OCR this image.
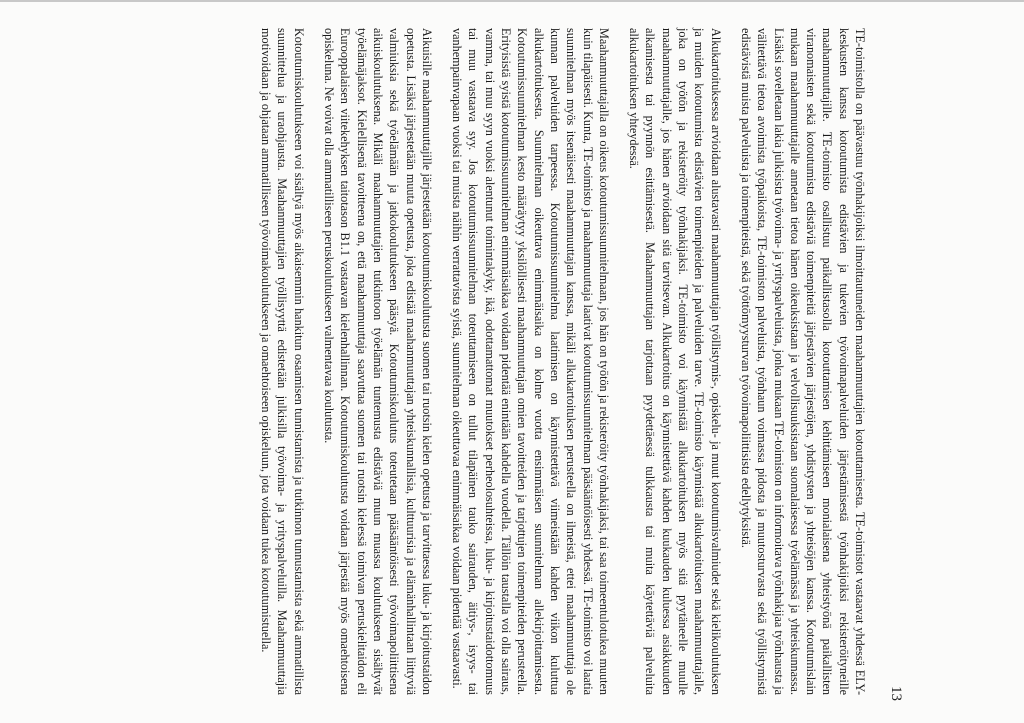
13

TE-toimistolla on päävastuu työnhakijoiksi ilmoittautuneiden maahanmuuttajien kotouttamisesta. TE-toimistot vastaavat yhdessä ELY-keskusten kanssa kotoutumista edistävien ja tukevien työvoimapalveluiden järjestämisestä työnhakijoiksi rekisteröityneille maahanmuuttajille. TE-toimisto osallistuu paikallistasolla kotouttamisen kehittämiseen monialaisena yhteistyönä paikallisten viranomaisten sekä kotoutumista edistäviä toimenpiteitä järjestävien järjestöjen, yhdistysten ja yhteisöjen kanssa. Kotoutumislain mukaan maahanmuuttajalle annetaan tietoa hänen oikeuksistaan ja velvollisuuksistaan suomalaisessa työelämässä ja yhteiskunnassa. Lisäksi sovelletaan lakia julkisista työvoima- ja yrityspalveluista, jonka mukaan TE-toimiston on informoitava työnhakijaa työnhausta ja välitettävä tietoa avoimista työpaikoista, TE-toimiston palveluista, työnhaun voimassa pidosta ja muutosturvasta sekä työllistymistä edistävistä muista palveluista ja toimenpiteistä, sekä työttömyysturvan työvoimapoliittisista edellytyksistä.

Alkukartoituksessa arvioidaan alustavasti maahanmuuttajan työllistymis-, opiskelu- ja muut kotoutumisvalmiudet sekä kielikoulutuksen ja muiden kotoutumista edistävien toimenpiteiden ja palveluiden tarve. TE-toimisto käynnistää alkukartoituksen maahanmuuttajalle, joka on työtön ja rekisteröity työnhakijaksi. TE-toimisto voi käynnistää alkukartoituksen myös sitä pyytäneelle muulle maahanmuuttajalle, jos hänen arvioidaan sitä tarvitsevan. Alkukartoitus on käynnistettävä kahden kuukauden kuluessa asiakkuuden alkamisesta tai pyynnön esittämisestä. Maahanmuuttajan tarjottaan pyydettäessä tulkkausta tai muita käytettäviä palveluita alkukartoituksen yhteydessä.

Maahanmuuttajalla on oikeus kotoutumissuunnitelmaan, jos hän on työtön ja rekisteröity työnhakijaksi, tai saa toimeentulotukea muuten kuin tilapäisesti. Kunta, TE-toimisto ja maahanmuuttaja laativat kotoutumissuunnitelman pääsääntöisesti yhdessä. TE-toimisto voi laatia suunnitelman myös itsenäisesti maahanmuuttajan kanssa, mikäli alkukartoituksen perusteella on ilmeistä, ettei maahanmuuttaja ole kunnan palveluiden tarpeessa. Kotoutumissuunnitelma laatimisen on käynnistettävä viimeistään kahden viikon kuluttua alkukartoituksesta. Suunnitelman oikeuttava enimmäisaika on kolme vuotta ensimmäisen suunnitelman allekirjoittamisesta. Kotoutumissuunnitelman kesto määräytyy yksilöllisesti maahanmuuttajan omien tavoitteiden ja tarjottujen toimenpiteiden perusteella. Erityisistä syistä kotoutumissuunnitelman enimmäisaikaa voidaan pidentää enintään kahdella vuodella. Tällöin taustalla voi olla sairaus, vamma, tai muu syyn vuoksi alentunut toimintakyky, ikä, odottamattomat muutokset perheolosuhteissa, luku- ja kirjoitustaidottomuus tai muu vastaava syy. Jos kotoutumissuunnitelman toteuttamiseen on tullut tilapäinen tauko sairauden, äitiys-, isyys- tai vanhempainvapaan vuoksi tai muista näihin verrattavista syistä, suunnitelman oikeuttavaa enimmäisaikaa voidaan pidentää vastaavasti.

Aikuisille maahanmuuttajille järjestetään kotoutumiskoulutusta suomen tai ruotsin kielen opetusta ja tarvittaessa luku- ja kirjoitustaidon opetusta. Lisäksi järjestetään muuta opetusta, joka edistää maahanmuuttajan yhteiskunnallisia, kulttuurisia ja elämänhallintaan liittyviä valmiuksia sekä työelämään ja jatkokoulutukseen pääsyä. Kotoutumiskoulutus toteutetaan pääsääntöisesti työvoimapoliittisena aikuiskoulutuksena. Mikäli maahanmuuttajien tutkintoon työelämän tuntemusta edistäviä muun muassa koulutukseen sisältyvät työelämäjaksot. Kielellisenä tavoitteena on, että maahanmuuttaja saavuttaa suomen tai ruotsin kielessä toimivan peruskielitaidon eli Eurooppalaisen viitekehyksen taitotason B1.1 vastaavan kielenhallinnan. Kotoutumiskoulutusta voidaan järjestää myös omaehtoisena opiskeluna. Ne voivat olla ammatilliseen peruskoulutukseen valmentavaa koulutusta.

Kotoutumiskoulutukseen voi sisältyä myös aikaisemmin hankitun osaamisen tunnistamista ja tutkinnon tunnustamista sekä ammatillista suunnittelua ja uraohjausta. Maahanmuuttajien työllisyyttä edistetään julkisilla työvoima- ja yrityspalveluilla. Maahanmuuttajia motivoidaan ja ohjataan ammatilliseen työvoimakoulutukseen ja omaehtoiseen opiskeluun, jota voidaan tukea kotoutumistuella.
